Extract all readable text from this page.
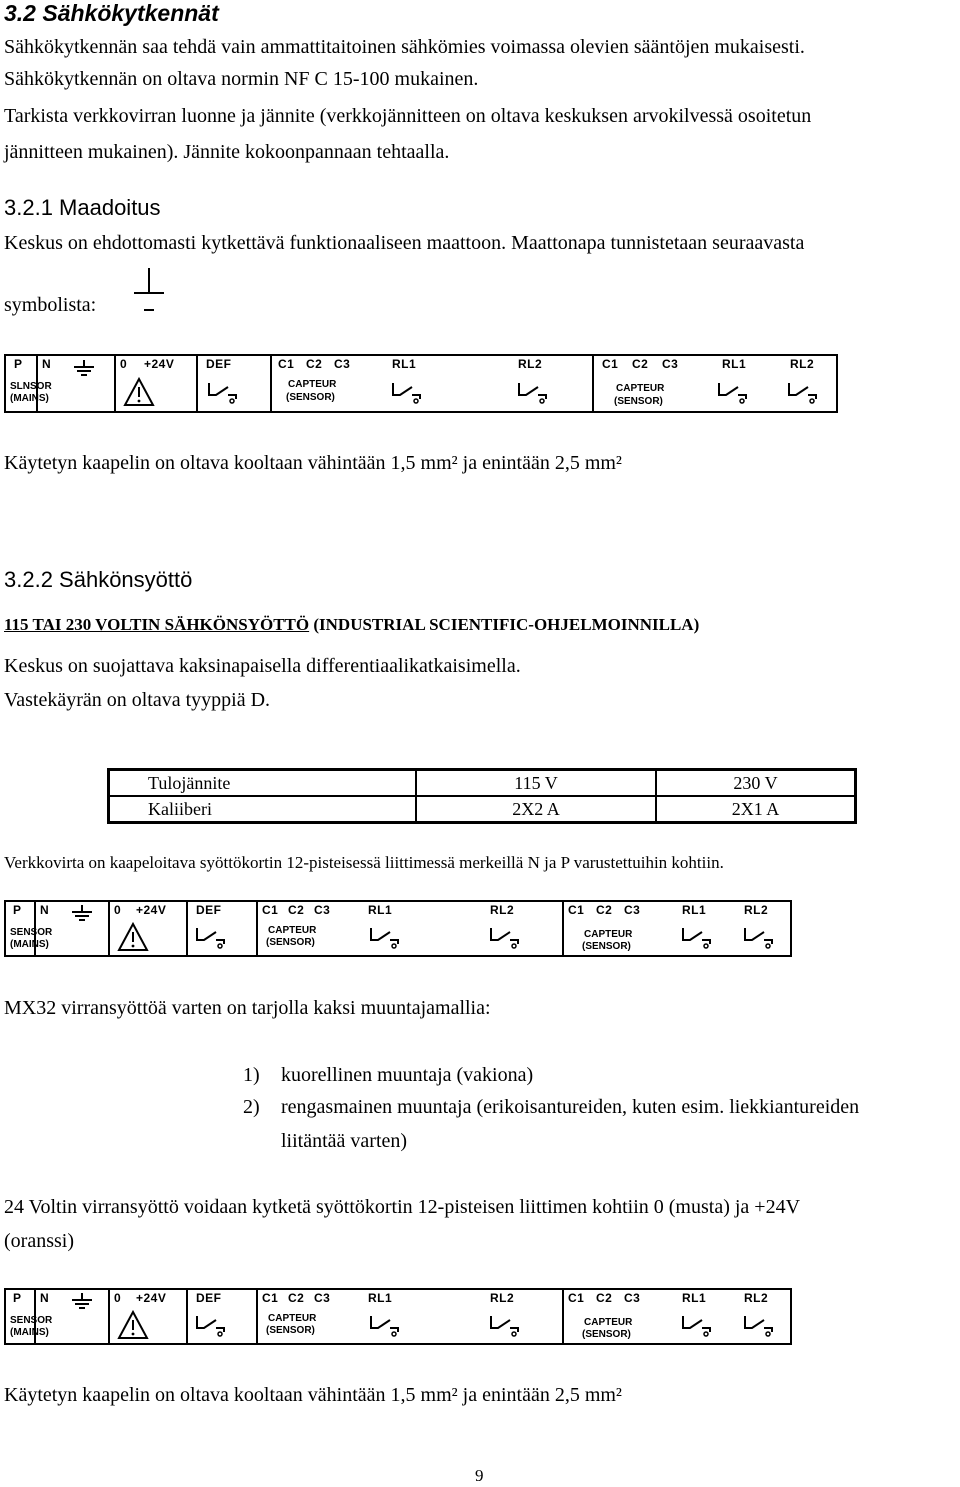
3.2 Sähkökytkennät
Sähkökytkennän saa tehdä vain ammattitaitoinen sähkömies voimassa olevien sääntöjen mukaisesti.
Sähkökytkennän on oltava normin NF C 15-100 mukainen.
Tarkista verkkovirran luonne ja jännite (verkkojännitteen on oltava keskuksen arvokilvessä osoitetun
jännitteen mukainen). Jännite kokoonpannaan tehtaalla.
3.2.1 Maadoitus
Keskus on ehdottomasti kytkettävä funktionaaliseen maattoon. Maattonapa tunnistetaan seuraavasta
symbolista:
P N	0 +24V	DEF	C1 C2 C3	RL1	RL2	C1 C2 C3	RL1	RL2
SLNSOR
(MAINS)
CAPTEUR
(SENSOR)
CAPTEUR
(SENSOR)
Käytetyn kaapelin on oltava kooltaan vähintään 1,5 mm² ja enintään 2,5 mm²
3.2.2 Sähkönsyöttö
115 TAI 230 VOLTIN SÄHKÖNSYÖTTÖ (INDUSTRIAL SCIENTIFIC-OHJELMOINNILLA)
Keskus on suojattava kaksinapaisella differentiaalikatkaisimella.
Vastekäyrän on oltava tyyppiä D.
Tulojännite	115 V	230 V
Kaliiberi	2X2 A	2X1 A
Verkkovirta on kaapeloitava syöttökortin 12-pisteisessä liittimessä merkeillä N ja P varustettuihin kohtiin.
P N	0 +24V DEF	C1 C2 C3	RL1	RL2	C1 C2 C3	RL1	RL2
SENSOR
(MAINS)
CAPTEUR
(SENSOR)
CAPTEUR
(SENSOR)
MX32 virransyöttöä varten on tarjolla kaksi muuntajamallia:
1) kuorellinen muuntaja (vakiona)
2) rengasmainen muuntaja (erikoisantureiden, kuten esim. liekkiantureiden
liitäntää varten)
24 Voltin virransyöttö voidaan kytketä syöttökortin 12-pisteisen liittimen kohtiin 0 (musta) ja +24V
(oranssi)
P N	0 +24V DEF	C1 C2 C3	RL1	RL2	C1 C2 C3	RL1	RL2
SENSOR
(MAINS)
CAPTEUR
(SENSOR)
CAPTEUR
(SENSOR)
Käytetyn kaapelin on oltava kooltaan vähintään 1,5 mm² ja enintään 2,5 mm²
9
